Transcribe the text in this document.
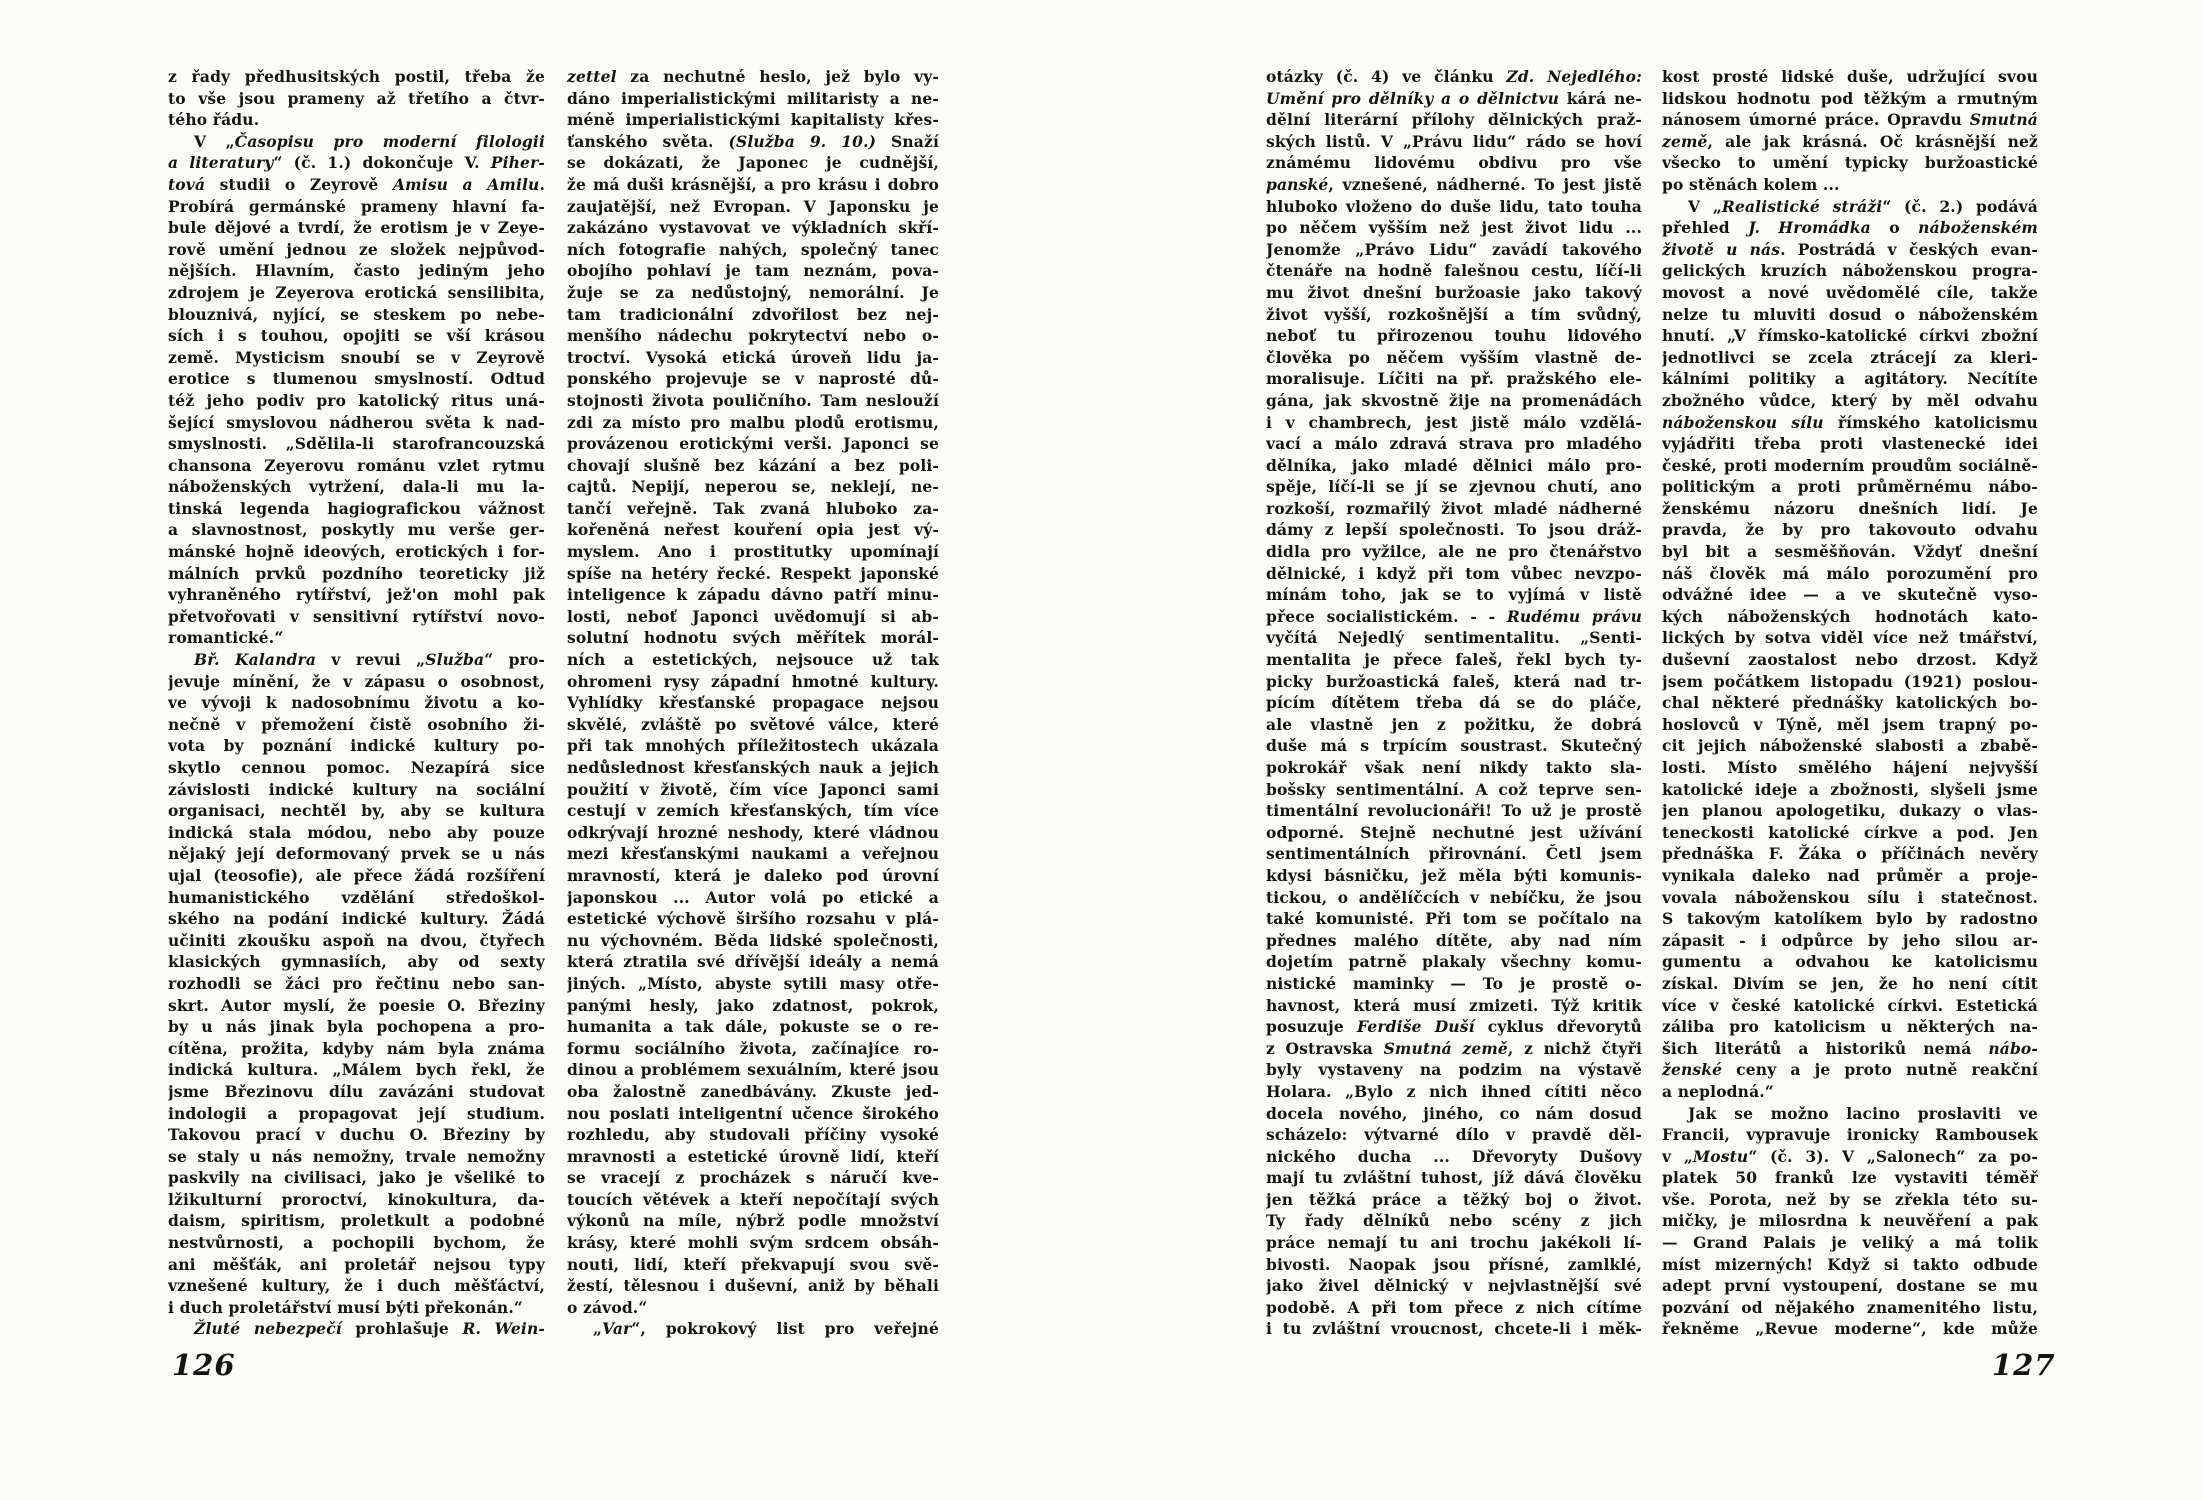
z řady předhusitských postil, třeba že
to vše jsou prameny až třetího a čtvr-
tého řádu.
V „Časopisu pro moderní filologii
a literatury“ (č. 1.) dokončuje V. Piher-
tová studii o Zeyrově Amisu a Amilu.
Probírá germánské prameny hlavní fa-
bule dějové a tvrdí, že erotism je v Zeye-
rově umění jednou ze složek nejpůvod-
nějších. Hlavním, často jediným jeho
zdrojem je Zeyerova erotická sensilibita,
blouznivá, nyjící, se steskem po nebe-
sích i s touhou, opojiti se vší krásou
země. Mysticism snoubí se v Zeyrově
erotice s tlumenou smyslností. Odtud
též jeho podiv pro katolický ritus uná-
šející smyslovou nádherou světa k nad-
smyslnosti. „Sdělila-li starofrancouzská
chansona Zeyerovu románu vzlet rytmu
náboženských vytržení, dala-li mu la-
tinská legenda hagiografickou vážnost
a slavnostnost, poskytly mu verše ger-
mánské hojně ideových, erotických i for-
málních prvků pozdního teoreticky již
vyhraněného rytířství, jež'on mohl pak
přetvořovati v sensitivní rytířství novo-
romantické.“
Bř. Kalandra v revui „Služba“ pro-
jevuje mínění, že v zápasu o osobnost,
ve vývoji k nadosobnímu životu a ko-
nečně v přemožení čistě osobního ži-
vota by poznání indické kultury po-
skytlo cennou pomoc. Nezapírá sice
závislosti indické kultury na sociální
organisaci, nechtěl by, aby se kultura
indická stala módou, nebo aby pouze
nějaký její deformovaný prvek se u nás
ujal (teosofie), ale přece žádá rozšíření
humanistického vzdělání středoškol-
ského na podání indické kultury. Žádá
učiniti zkoušku aspoň na dvou, čtyřech
klasických gymnasiích, aby od sexty
rozhodli se žáci pro řečtinu nebo san-
skrt. Autor myslí, že poesie O. Březiny
by u nás jinak byla pochopena a pro-
cítěna, prožita, kdyby nám byla známa
indická kultura. „Málem bych řekl, že
jsme Březinovu dílu zavázáni studovat
indologii a propagovat její studium.
Takovou prací v duchu O. Březiny by
se staly u nás nemožny, trvale nemožny
paskvily na civilisaci, jako je všeliké to
lžikulturní proroctví, kinokultura, da-
daism, spiritism, proletkult a podobné
nestvůrnosti, a pochopili bychom, že
ani měšťák, ani proletář nejsou typy
vznešené kultury, že i duch měšťáctví,
i duch proletářství musí býti překonán.“
Žluté nebezpečí prohlašuje R. Wein-
zettel za nechutné heslo, jež bylo vy-
dáno imperialistickými militaristy a ne-
méně imperialistickými kapitalisty křes-
ťanského světa. (Služba 9. 10.) Snaží
se dokázati, že Japonec je cudnější,
že má duši krásnější, a pro krásu i dobro
zaujatější, než Evropan. V Japonsku je
zakázáno vystavovat ve výkladních skří-
ních fotografie nahých, společný tanec
obojího pohlaví je tam neznám, pova-
žuje se za nedůstojný, nemorální. Je
tam tradicionální zdvořilost bez nej-
menšího nádechu pokrytectví nebo o-
troctví. Vysoká etická úroveň lidu ja-
ponského projevuje se v naprosté dů-
stojnosti života pouličního. Tam neslouží
zdi za místo pro malbu plodů erotismu,
provázenou erotickými verši. Japonci se
chovají slušně bez kázání a bez poli-
cajtů. Nepijí, neperou se, neklejí, ne-
tančí veřejně. Tak zvaná hluboko za-
kořeněná neřest kouření opia jest vý-
myslem. Ano i prostitutky upomínají
spíše na hetéry řecké. Respekt japonské
inteligence k západu dávno patří minu-
losti, neboť Japonci uvědomují si ab-
solutní hodnotu svých měřítek morál-
ních a estetických, nejsouce už tak
ohromeni rysy západní hmotné kultury.
Vyhlídky křesťanské propagace nejsou
skvělé, zvláště po světové válce, které
při tak mnohých příležitostech ukázala
nedůslednost křesťanských nauk a jejich
použití v životě, čím více Japonci sami
cestují v zemích křesťanských, tím více
odkrývají hrozné neshody, které vládnou
mezi křesťanskými naukami a veřejnou
mravností, která je daleko pod úrovní
japonskou ... Autor volá po etické a
estetické výchově širšího rozsahu v plá-
nu výchovném. Běda lidské společnosti,
která ztratila své dřívější ideály a nemá
jiných. „Místo, abyste sytili masy otře-
panými hesly, jako zdatnost, pokrok,
humanita a tak dále, pokuste se o re-
formu sociálního života, začínajíce ro-
dinou a problémem sexuálním, které jsou
oba žalostně zanedbávány. Zkuste jed-
nou poslati inteligentní učence širokého
rozhledu, aby studovali příčiny vysoké
mravnosti a estetické úrovně lidí, kteří
se vracejí z procházek s náručí kve-
toucích větévek a kteří nepočítají svých
výkonů na míle, nýbrž podle množství
krásy, které mohli svým srdcem obsáh-
nouti, lidí, kteří překvapují svou svě-
žestí, tělesnou i duševní, aniž by běhali
o závod.“
„Var“, pokrokový list pro veřejné
126
otázky (č. 4) ve článku Zd. Nejedlého:
Umění pro dělníky a o dělnictvu kárá ne-
dělní literární přílohy dělnických praž-
ských listů. V „Právu lidu“ rádo se hoví
známému lidovému obdivu pro vše
panské, vznešené, nádherné. To jest jistě
hluboko vloženo do duše lidu, tato touha
po něčem vyšším než jest život lidu ...
Jenomže „Právo Lidu“ zavádí takového
čtenáře na hodně falešnou cestu, líčí-li
mu život dnešní buržoasie jako takový
život vyšší, rozkošnější a tím svůdný,
neboť tu přirozenou touhu lidového
člověka po něčem vyšším vlastně de-
moralisuje. Líčiti na př. pražského ele-
gána, jak skvostně žije na promenádách
i v chambrech, jest jistě málo vzdělá-
vací a málo zdravá strava pro mladého
dělníka, jako mladé dělnici málo pro-
spěje, líčí-li se jí se zjevnou chutí, ano
rozkoší, rozmařilý život mladé nádherné
dámy z lepší společnosti. To jsou dráž-
didla pro vyžilce, ale ne pro čtenářstvo
dělnické, i když při tom vůbec nevzpo-
mínám toho, jak se to vyjímá v listě
přece socialistickém. - - Rudému právu
vyčítá Nejedlý sentimentalitu. „Senti-
mentalita je přece faleš, řekl bych ty-
picky buržoastická faleš, která nad tr-
pícím dítětem třeba dá se do pláče,
ale vlastně jen z požitku, že dobrá
duše má s trpícím soustrast. Skutečný
pokrokář však není nikdy takto sla-
bošsky sentimentální. A což teprve sen-
timentální revolucionáři! To už je prostě
odporné. Stejně nechutné jest užívání
sentimentálních přirovnání. Četl jsem
kdysi básničku, jež měla býti komunis-
tickou, o andělíčcích v nebíčku, že jsou
také komunisté. Při tom se počítalo na
přednes malého dítěte, aby nad ním
dojetím patrně plakaly všechny komu-
nistické maminky — To je prostě o-
havnost, která musí zmizeti. Týž kritik
posuzuje Ferdiše Duší cyklus dřevorytů
z Ostravska Smutná země, z nichž čtyři
byly vystaveny na podzim na výstavě
Holara. „Bylo z nich ihned cítiti něco
docela nového, jiného, co nám dosud
scházelo: výtvarné dílo v pravdě děl-
nického ducha ... Dřevoryty Dušovy
mají tu zvláštní tuhost, jíž dává člověku
jen těžká práce a těžký boj o život.
Ty řady dělníků nebo scény z jich
práce nemají tu ani trochu jakékoli lí-
bivosti. Naopak jsou přísné, zamlklé,
jako živel dělnický v nejvlastnější své
podobě. A při tom přece z nich cítíme
i tu zvláštní vroucnost, chcete-li i měk-
kost prosté lidské duše, udržující svou
lidskou hodnotu pod těžkým a rmutným
nánosem úmorné práce. Opravdu Smutná
země, ale jak krásná. Oč krásnější než
všecko to umění typicky buržoastické
po stěnách kolem ...
V „Realistické stráži“ (č. 2.) podává
přehled J. Hromádka o náboženském
životě u nás. Postrádá v českých evan-
gelických kruzích náboženskou progra-
movost a nové uvědomělé cíle, takže
nelze tu mluviti dosud o náboženském
hnutí. „V římsko-katolické církvi zbožní
jednotlivci se zcela ztrácejí za kleri-
kálními politiky a agitátory. Necítíte
zbožného vůdce, který by měl odvahu
náboženskou sílu římského katolicismu
vyjádřiti třeba proti vlastenecké idei
české, proti moderním proudům sociálně-
politickým a proti průměrnému nábo-
ženskému názoru dnešních lidí. Je
pravda, že by pro takovouto odvahu
byl bit a sesměšňován. Vždyť dnešní
náš člověk má málo porozumění pro
odvážné idee — a ve skutečně vyso-
kých náboženských hodnotách kato-
lických by sotva viděl více než tmářství,
duševní zaostalost nebo drzost. Když
jsem počátkem listopadu (1921) poslou-
chal některé přednášky katolických bo-
hoslovců v Týně, měl jsem trapný po-
cit jejich náboženské slabosti a zbabě-
losti. Místo smělého hájení nejvyšší
katolické ideje a zbožnosti, slyšeli jsme
jen planou apologetiku, dukazy o vlas-
teneckosti katolické církve a pod. Jen
přednáška F. Žáka o příčinách nevěry
vynikala daleko nad průměr a proje-
vovala náboženskou sílu i statečnost.
S takovým katolíkem bylo by radostno
zápasit - i odpůrce by jeho silou ar-
gumentu a odvahou ke katolicismu
získal. Divím se jen, že ho není cítit
více v české katolické církvi. Estetická
záliba pro katolicism u některých na-
šich literátů a historiků nemá nábo-
ženské ceny a je proto nutně reakční
a neplodná.“
Jak se možno lacino proslaviti ve
Francii, vypravuje ironicky Rambousek
v „Mostu“ (č. 3). V „Salonech“ za po-
platek 50 franků lze vystaviti téměř
vše. Porota, než by se zřekla této su-
mičky, je milosrdna k neuvěření a pak
— Grand Palais je veliký a má tolik
míst mizerných! Když si takto odbude
adept první vystoupení, dostane se mu
pozvání od nějakého znamenitého listu,
řekněme „Revue moderne“, kde může
127
